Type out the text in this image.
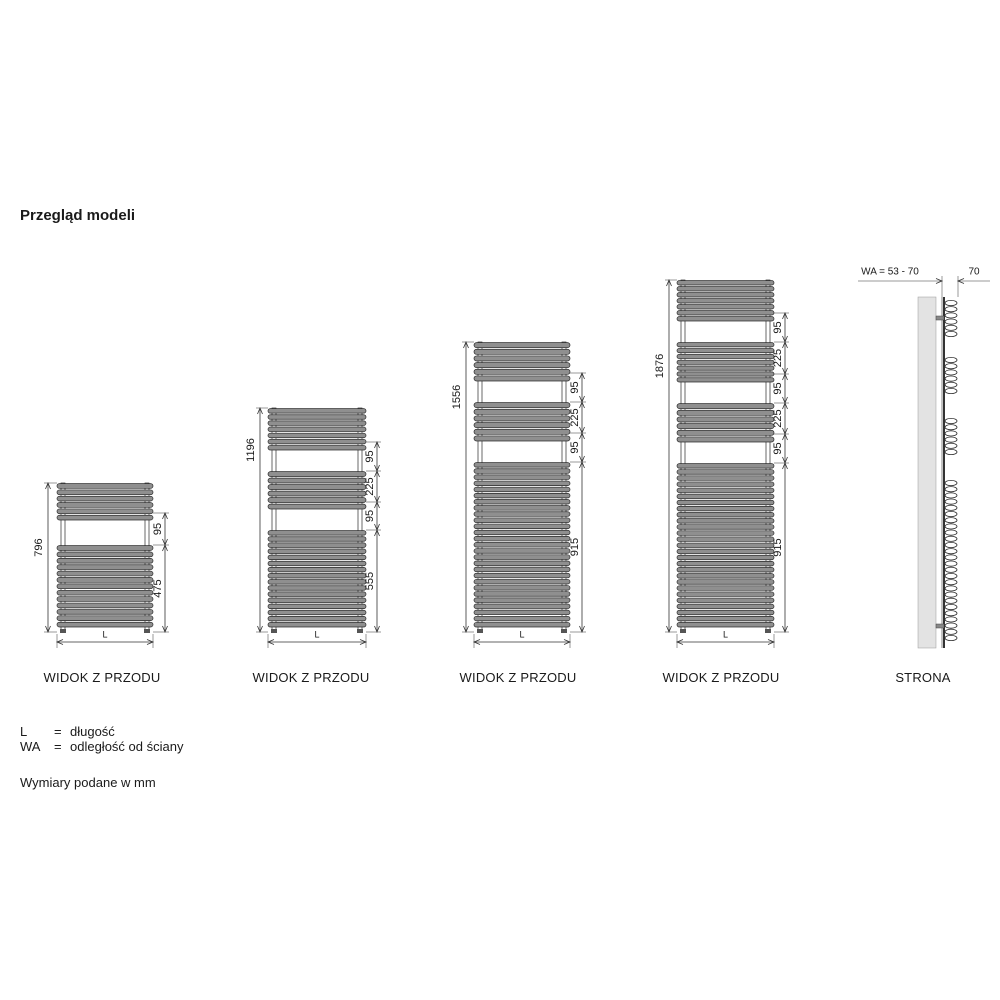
Przegląd modeli
796
95
475
L
1196	95
225
95
555
L
1556	95
225
95
915
L
1876
95
225
95
225
95
915
L
WA = 53 - 70	70
WIDOK Z PRZODU	WIDOK Z PRZODU	WIDOK Z PRZODU	WIDOK Z PRZODU	STRONA
L	= długość
WA	= odległość od ściany
Wymiary podane w mm
